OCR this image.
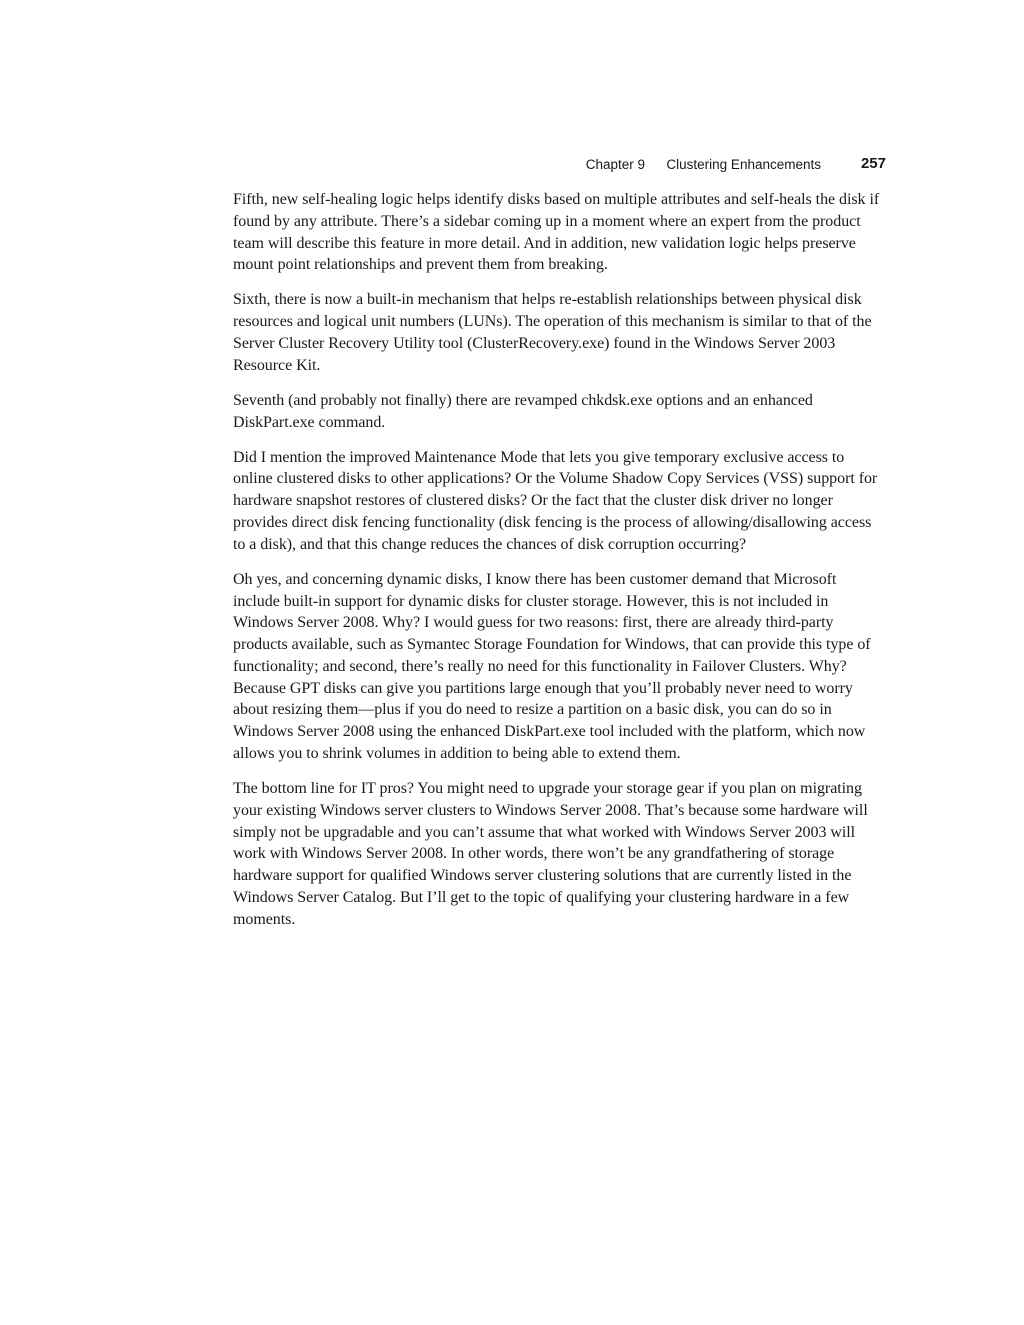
Chapter 9 Clustering Enhancements	257

Fifth, new self-healing logic helps identify disks based on multiple attributes and self-heals the disk if found by any attribute. There’s a sidebar coming up in a moment where an expert from the product team will describe this feature in more detail. And in addition, new validation logic helps preserve mount point relationships and prevent them from breaking.

Sixth, there is now a built-in mechanism that helps re-establish relationships between physical disk resources and logical unit numbers (LUNs). The operation of this mechanism is similar to that of the Server Cluster Recovery Utility tool (ClusterRecovery.exe) found in the Windows Server 2003 Resource Kit.

Seventh (and probably not finally) there are revamped chkdsk.exe options and an enhanced DiskPart.exe command.

Did I mention the improved Maintenance Mode that lets you give temporary exclusive access to online clustered disks to other applications? Or the Volume Shadow Copy Services (VSS) support for hardware snapshot restores of clustered disks? Or the fact that the cluster disk driver no longer provides direct disk fencing functionality (disk fencing is the process of allowing/disallowing access to a disk), and that this change reduces the chances of disk corruption occurring?

Oh yes, and concerning dynamic disks, I know there has been customer demand that Microsoft include built-in support for dynamic disks for cluster storage. However, this is not included in Windows Server 2008. Why? I would guess for two reasons: first, there are already third-party products available, such as Symantec Storage Foundation for Windows, that can provide this type of functionality; and second, there’s really no need for this functionality in Failover Clusters. Why? Because GPT disks can give you partitions large enough that you’ll probably never need to worry about resizing them—plus if you do need to resize a partition on a basic disk, you can do so in Windows Server 2008 using the enhanced DiskPart.exe tool included with the platform, which now allows you to shrink volumes in addition to being able to extend them.

The bottom line for IT pros? You might need to upgrade your storage gear if you plan on migrating your existing Windows server clusters to Windows Server 2008. That’s because some hardware will simply not be upgradable and you can’t assume that what worked with Windows Server 2003 will work with Windows Server 2008. In other words, there won’t be any grandfathering of storage hardware support for qualified Windows server clustering solutions that are currently listed in the Windows Server Catalog. But I’ll get to the topic of qualifying your clustering hardware in a few moments.
